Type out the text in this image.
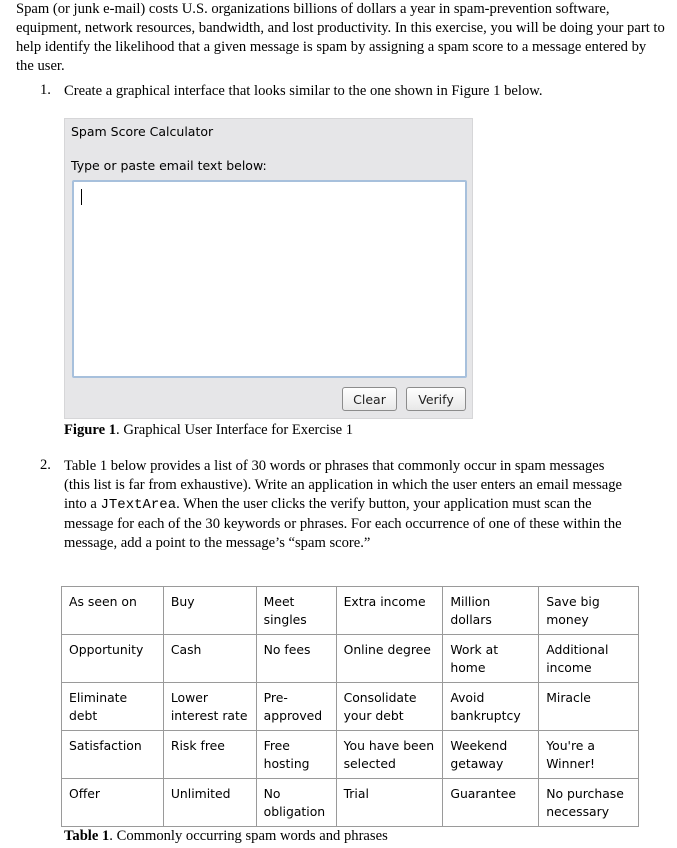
Spam (or junk e-mail) costs U.S. organizations billions of dollars a year in spam-prevention software, equipment, network resources, bandwidth, and lost productivity. In this exercise, you will be doing your part to help identify the likelihood that a given message is spam by assigning a spam score to a message entered by the user.

1. Create a graphical interface that looks similar to the one shown in Figure 1 below.
Spam Score Calculator
Type or paste email text below:
Clear	Verify
Figure 1. Graphical User Interface for Exercise 1
2. Table 1 below provides a list of 30 words or phrases that commonly occur in spam messages (this list is far from exhaustive). Write an application in which the user enters an email message into a JTextArea. When the user clicks the verify button, your application must scan the message for each of the 30 keywords or phrases. For each occurrence of one of these within the message, add a point to the message’s “spam score.”

As seen on	Buy	Meet singles	Extra income	Million dollars	Save big money
Opportunity	Cash	No fees	Online degree	Work at home	Additional income
Eliminate debt	Lower interest rate	Pre-approved	Consolidate your debt	Avoid bankruptcy	Miracle
Satisfaction	Risk free	Free hosting	You have been selected	Weekend getaway	You're a Winner!
Offer	Unlimited	No obligation	Trial	Guarantee	No purchase necessary
Table 1. Commonly occurring spam words and phrases
